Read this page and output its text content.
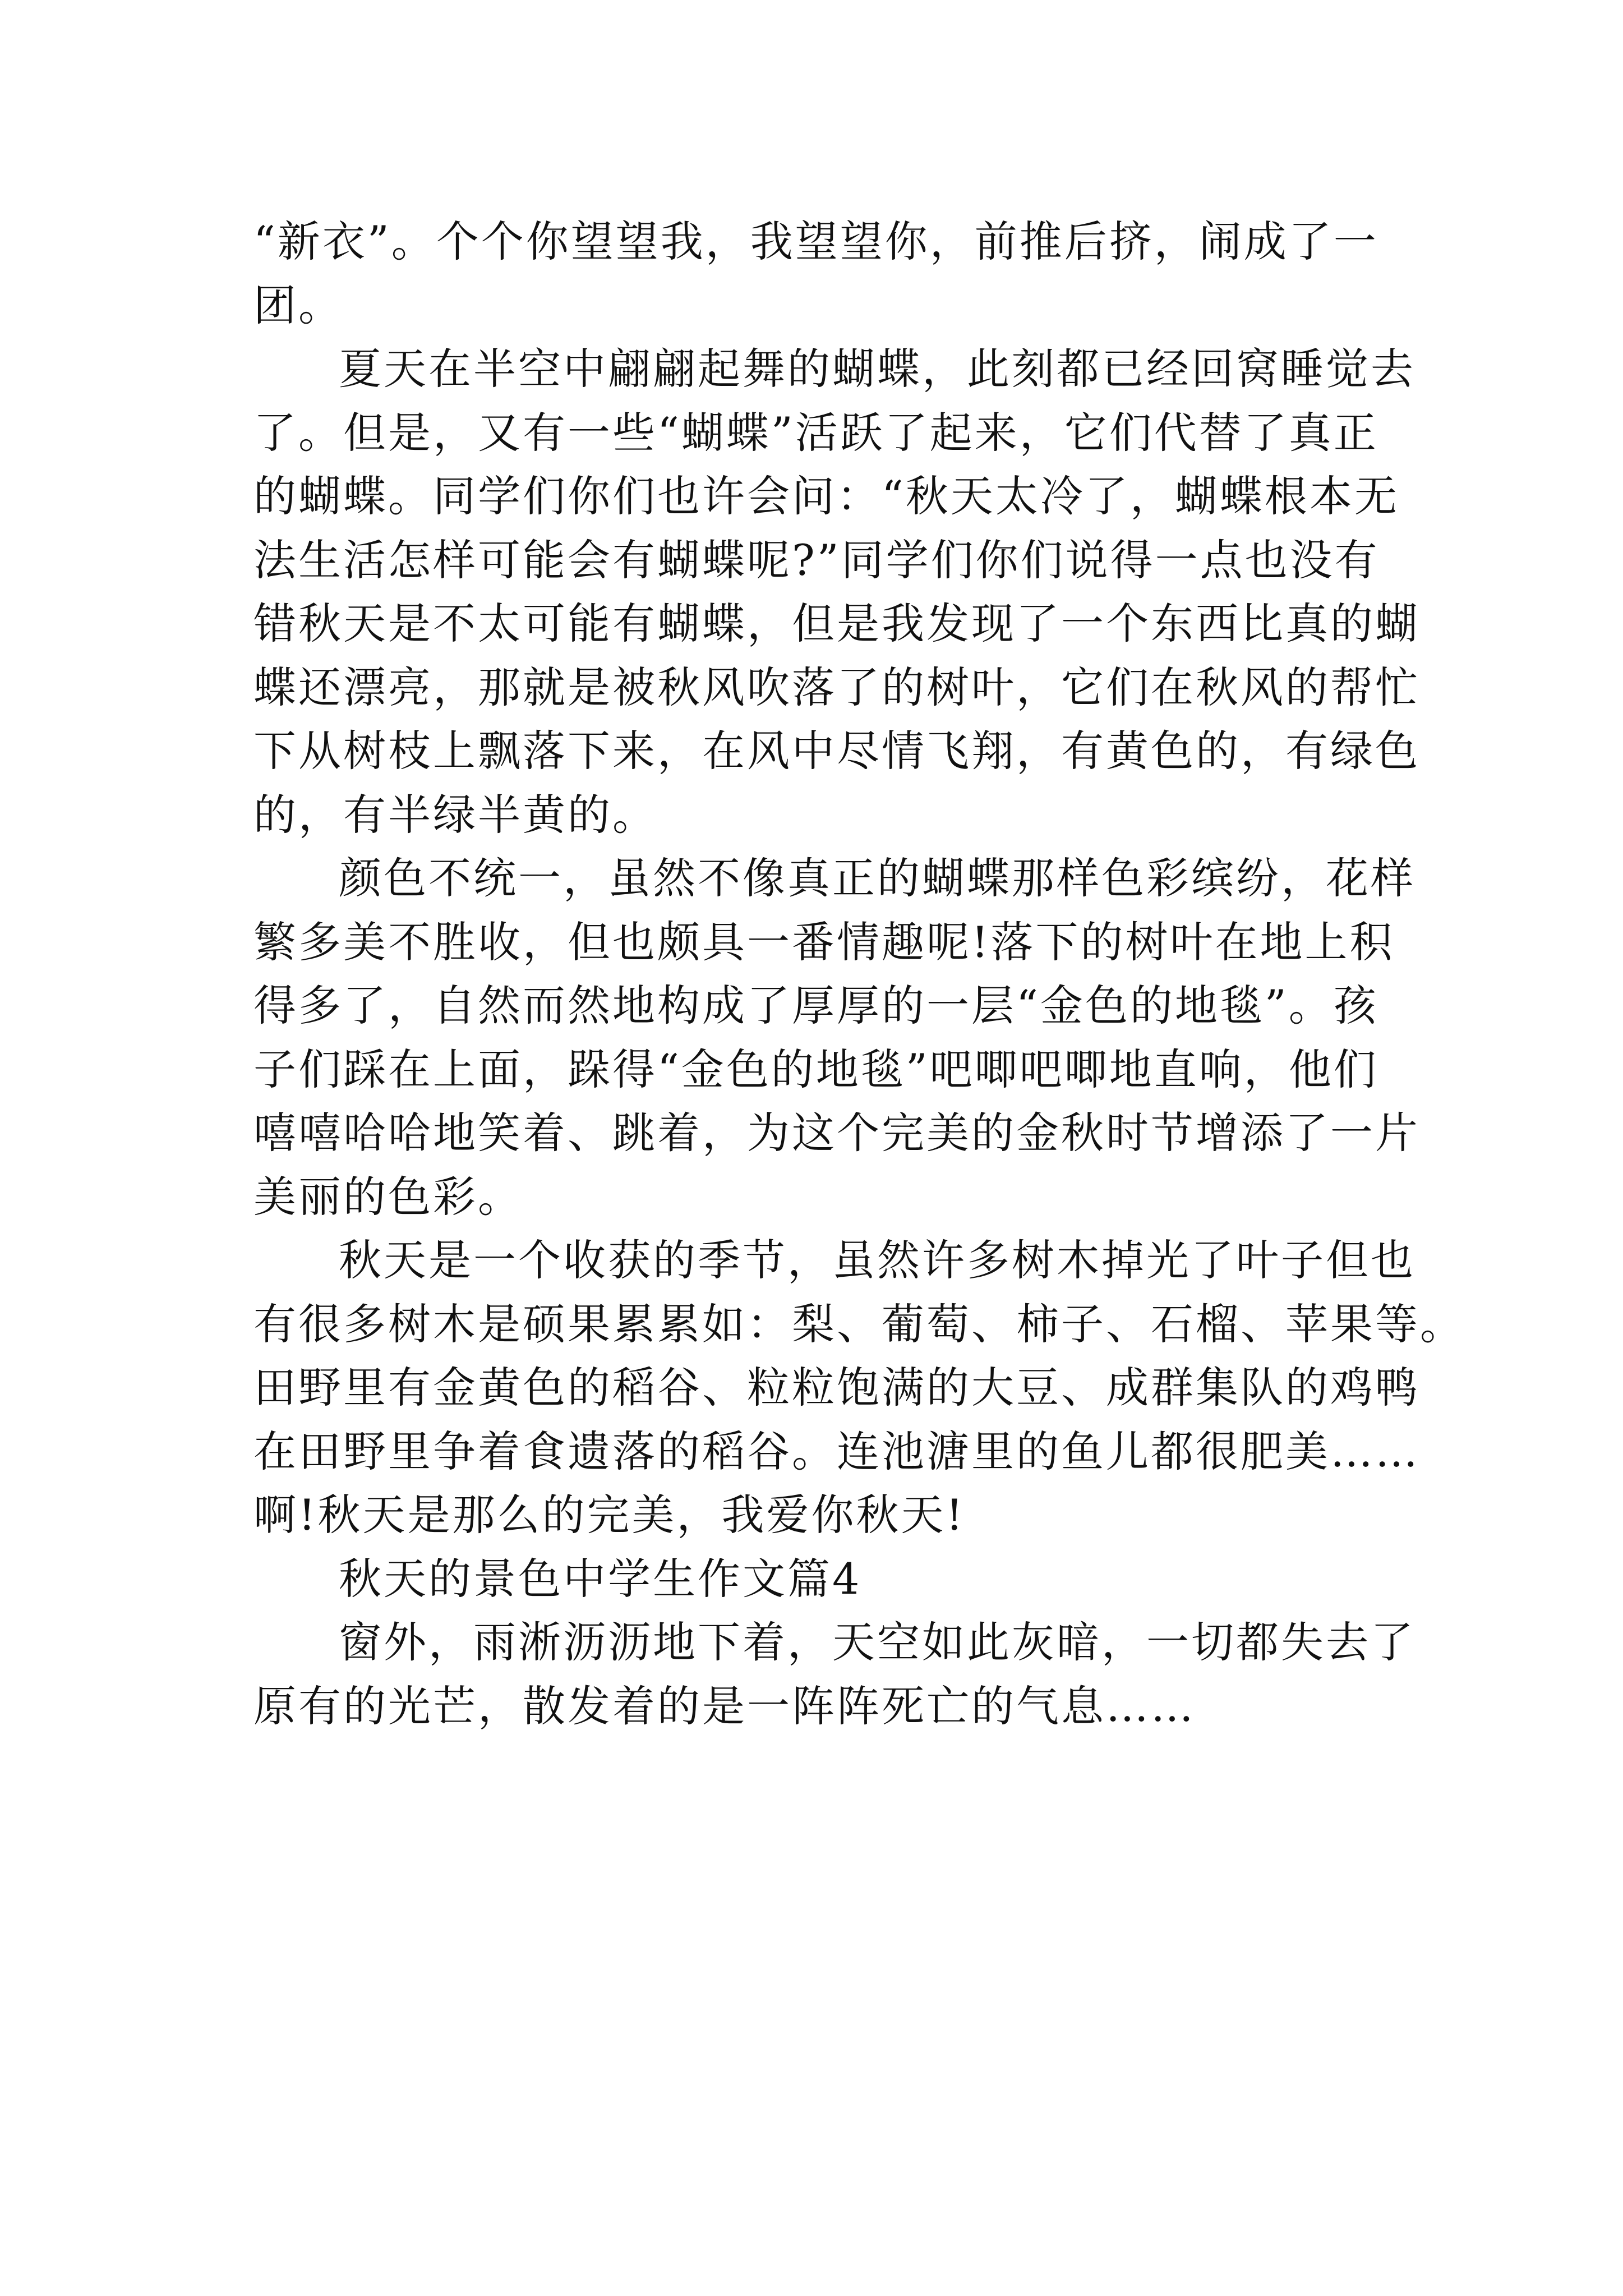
“新衣”。个个你望望我，我望望你，前推后挤，闹成了一
团。
夏天在半空中翩翩起舞的蝴蝶，此刻都已经回窝睡觉去
了。但是，又有一些“蝴蝶”活跃了起来，它们代替了真正
的蝴蝶。同学们你们也许会问：“秋天太冷了，蝴蝶根本无
法生活怎样可能会有蝴蝶呢?”同学们你们说得一点也没有
错秋天是不太可能有蝴蝶，但是我发现了一个东西比真的蝴
蝶还漂亮，那就是被秋风吹落了的树叶，它们在秋风的帮忙
下从树枝上飘落下来，在风中尽情飞翔，有黄色的，有绿色
的，有半绿半黄的。
颜色不统一，虽然不像真正的蝴蝶那样色彩缤纷，花样
繁多美不胜收，但也颇具一番情趣呢!落下的树叶在地上积
得多了，自然而然地构成了厚厚的一层“金色的地毯”。孩
子们踩在上面，跺得“金色的地毯”吧唧吧唧地直响，他们
嘻嘻哈哈地笑着、跳着，为这个完美的金秋时节增添了一片
美丽的色彩。
秋天是一个收获的季节，虽然许多树木掉光了叶子但也
有很多树木是硕果累累如：梨、葡萄、柿子、石榴、苹果等。
田野里有金黄色的稻谷、粒粒饱满的大豆、成群集队的鸡鸭
在田野里争着食遗落的稻谷。连池溏里的鱼儿都很肥美……
啊!秋天是那么的完美，我爱你秋天!
秋天的景色中学生作文篇4
窗外，雨淅沥沥地下着，天空如此灰暗，一切都失去了
原有的光芒，散发着的是一阵阵死亡的气息……
